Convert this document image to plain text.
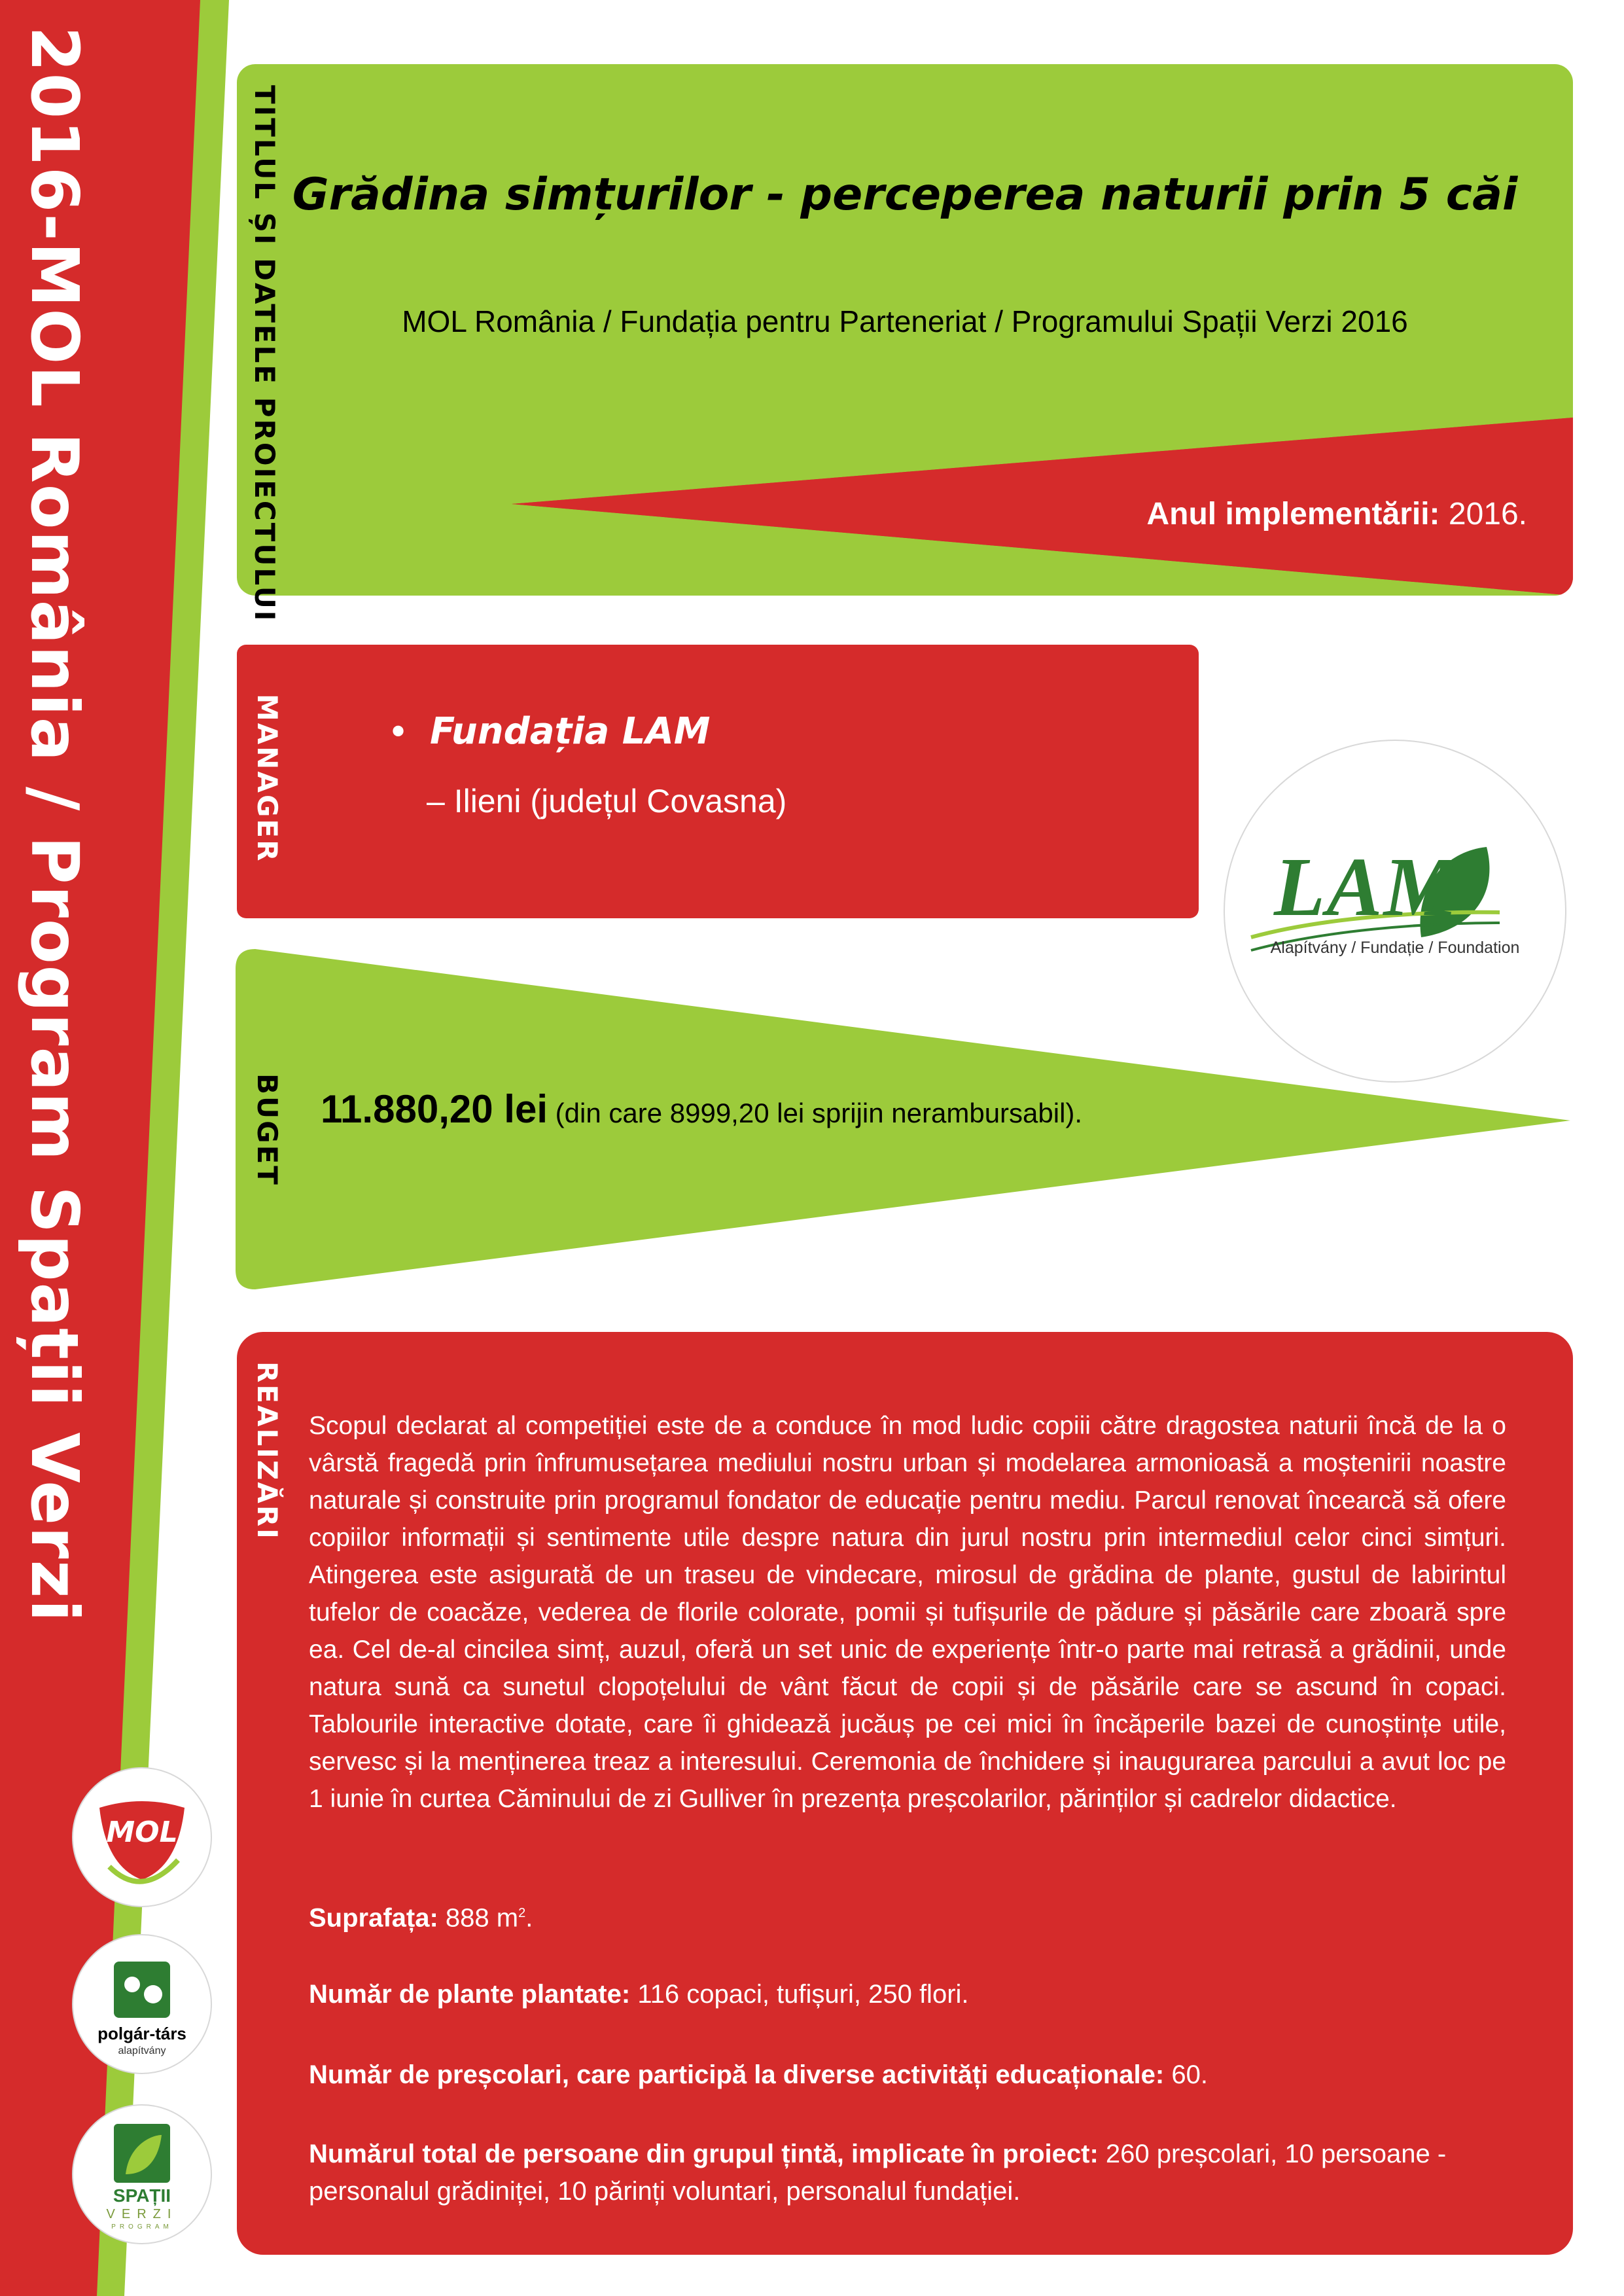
2016-MOL România / Program Spații Verzi	Grădina simțurilor - perceperea naturii prin 5 căi
MOL România / Fundația pentru Parteneriat / Programului Spații Verzi 2016
Anul implementării: 2016.
TITLUL ȘI DATELE PROIECTULUI
• Fundația LAM
– Ilieni (județul Covasna)
MANAGER
LAM
Alapítvány / Fundație / Foundation
BUGET 11.880,20 lei (din care 8999,20 lei sprijin nerambursabil).
Scopul declarat al competiției este de a conduce în mod ludic copiii către dragostea naturii încă de la o vârstă fragedă prin înfrumusețarea mediului nostru urban și modelarea armonioasă a moștenirii noastre naturale și construite prin programul fondator de educație pentru mediu. Parcul renovat încearcă să ofere copiilor informații și sentimente utile despre natura din jurul nostru prin intermediul celor cinci simțuri. Atingerea este asigurată de un traseu de vindecare, mirosul de grădina de plante, gustul de labirintul tufelor de coacăze, vederea de florile colorate, pomii și tufișurile de pădure și păsările care zboară spre ea. Cel de-al cincilea simț, auzul, oferă un set unic de experiențe într-o parte mai retrasă a grădinii, unde natura sună ca sunetul clopoțelului de vânt făcut de copii și de păsările care se ascund în copaci. Tablourile interactive dotate, care îi ghidează jucăuș pe cei mici în încăperile bazei de cunoștințe utile, servesc și la menținerea treaz a interesului. Ceremonia de închidere și inaugurarea parcului a avut loc pe 1 iunie în curtea Căminului de zi Gulliver în prezența preșcolarilor, părinților și cadrelor didactice.
Suprafața: 888 $m^2$.
Număr de plante plantate: 116 copaci, tufișuri, 250 flori.
Număr de preșcolari, care participă la diverse activități educaționale: 60.
Numărul total de persoane din grupul țintă, implicate în proiect: 260 preșcolari, 10 persoane - personalul grădiniței, 10 părinți voluntari, personalul fundației.
REALIZĂRI
MOL
polgár-társ
alapítvány
SPAȚII
VERZI
PROGRAM
